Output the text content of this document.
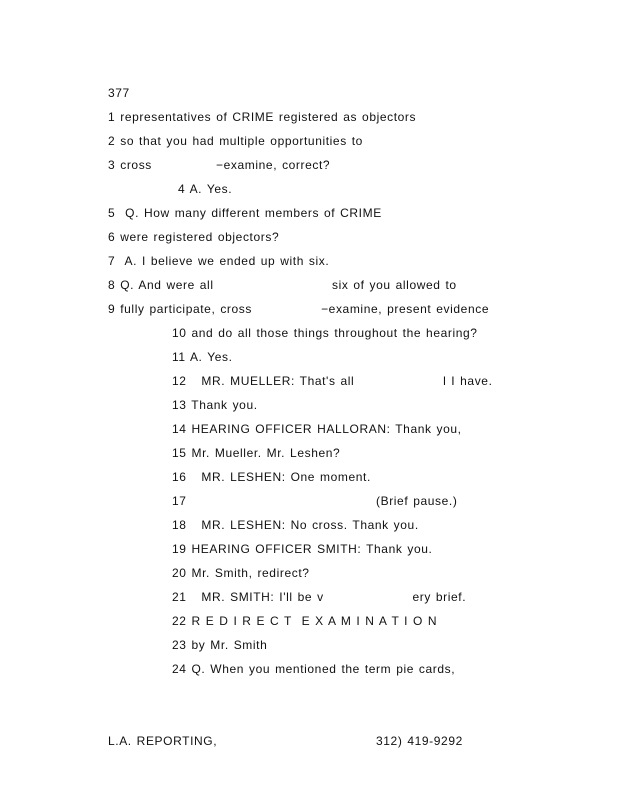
377
1 representatives of CRIME registered as objectors
2 so that you had multiple opportunities to
3 cross             −examine, correct?
4 A. Yes.
5 Q. How many different members of CRIME
6 were registered objectors?
7 A. I believe we ended up with six.
8 Q. And were all                        six of you allowed to
9 fully participate, cross              −examine, present evidence
10 and do all those things throughout the hearing?
11 A. Yes.
12 MR. MUELLER: That's all                  l I have.
13 Thank you.
14 HEARING OFFICER HALLORAN: Thank you,
15 Mr. Mueller. Mr. Leshen?
16 MR. LESHEN: One moment.
17	(Brief pause.)
18 MR. LESHEN: No cross. Thank you.
19 HEARING OFFICER SMITH: Thank you.
20 Mr. Smith, redirect?
21 MR. SMITH: I'll be v                  ery brief.
22 R E D I R E C T  E X A M I N A T I O N
23 by Mr. Smith
24 Q. When you mentioned the term pie cards,
L.A. REPORTING,	312) 419-9292
